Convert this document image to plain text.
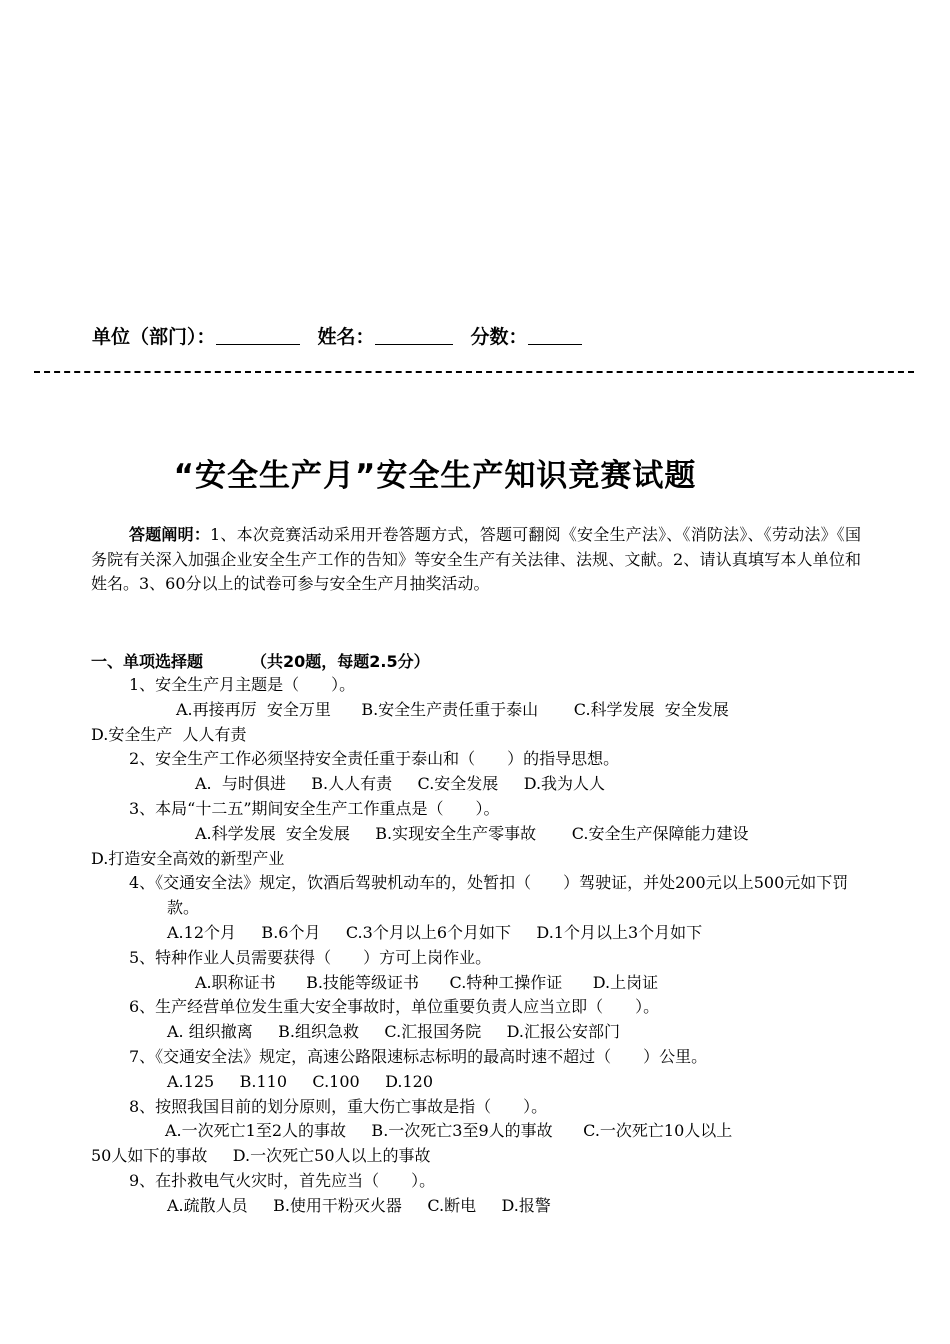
单位（部门）：	姓名：	分数：
“安全生产月”安全生产知识竞赛试题
答题阐明：1、本次竞赛活动采用开卷答题方式，答题可翻阅《安全生产法》、《消防法》、《劳动法》《国务院有关深入加强企业安全生产工作的告知》等安全生产有关法律、法规、文献。2、请认真填写本人单位和姓名。3、60分以上的试卷可参与安全生产月抽奖活动。
一、单项选择题	（共20题，每题2.5分）
1、安全生产月主题是（　　）。
A.再接再厉  安全万里      B.安全生产责任重于泰山       C.科学发展  安全发展
D.安全生产  人人有责
2、安全生产工作必须坚持安全责任重于泰山和（　　）的指导思想。
A.  与时俱进     B.人人有责     C.安全发展     D.我为人人
3、本局“十二五”期间安全生产工作重点是（　　）。
A.科学发展  安全发展     B.实现安全生产零事故       C.安全生产保障能力建设
D.打造安全高效的新型产业
4、《交通安全法》规定，饮酒后驾驶机动车的，处暂扣（　　）驾驶证，并处200元以上500元如下罚款。
A.12个月     B.6个月     C.3个月以上6个月如下     D.1个月以上3个月如下
5、特种作业人员需要获得（　　）方可上岗作业。
A.职称证书      B.技能等级证书      C.特种工操作证      D.上岗证
6、生产经营单位发生重大安全事故时，单位重要负责人应当立即（　　）。
A. 组织撤离     B.组织急救     C.汇报国务院     D.汇报公安部门
7、《交通安全法》规定，高速公路限速标志标明的最高时速不超过（　　）公里。
A.125     B.110     C.100     D.120
8、按照我国目前的划分原则，重大伤亡事故是指（　　）。
A.一次死亡1至2人的事故     B.一次死亡3至9人的事故      C.一次死亡10人以上
50人如下的事故     D.一次死亡50人以上的事故
9、在扑救电气火灾时，首先应当（　　）。
A.疏散人员     B.使用干粉灭火器     C.断电     D.报警
